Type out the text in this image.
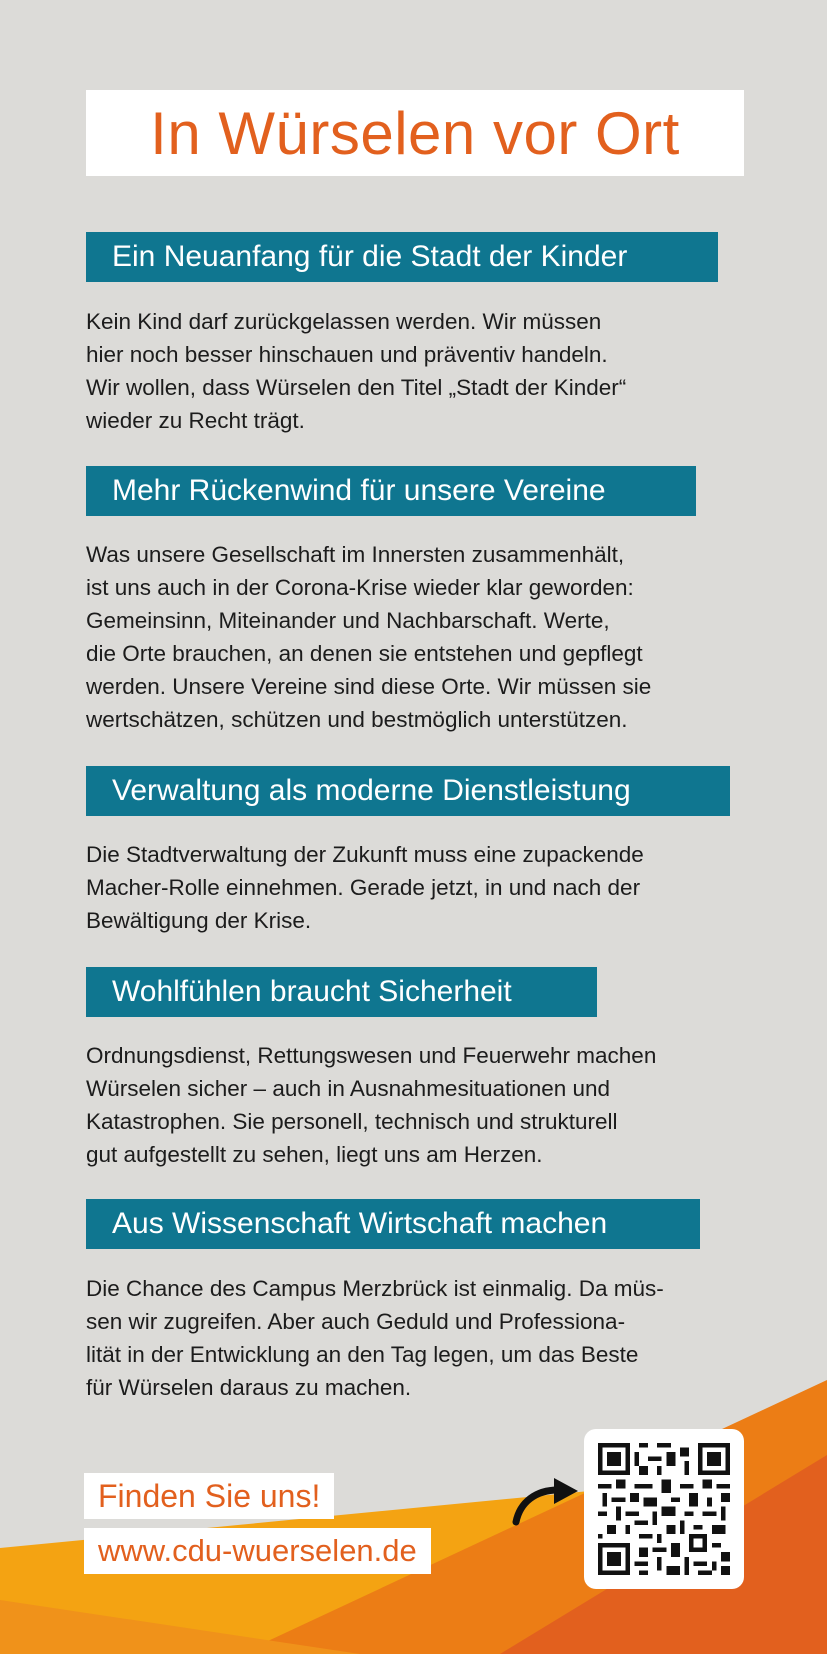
In Würselen vor Ort
Ein Neuanfang für die Stadt der Kinder

Kein Kind darf zurückgelassen werden. Wir müssen

hier noch besser hinschauen und präventiv handeln.

Wir wollen, dass Würselen den Titel „Stadt der Kinder“

wieder zu Recht trägt.

Mehr Rückenwind für unsere Vereine

Was unsere Gesellschaft im Innersten zusammenhält,

ist uns auch in der Corona-Krise wieder klar geworden:

Gemeinsinn, Miteinander und Nachbarschaft. Werte,

die Orte brauchen, an denen sie entstehen und gepflegt

werden. Unsere Vereine sind diese Orte. Wir müssen sie

wertschätzen, schützen und bestmöglich unterstützen.

Verwaltung als moderne Dienstleistung

Die Stadtverwaltung der Zukunft muss eine zupackende

Macher-Rolle einnehmen. Gerade jetzt, in und nach der

Bewältigung der Krise.

Wohlfühlen braucht Sicherheit

Ordnungsdienst, Rettungswesen und Feuerwehr machen

Würselen sicher – auch in Ausnahmesituationen und

Katastrophen. Sie personell, technisch und strukturell

gut aufgestellt zu sehen, liegt uns am Herzen.

Aus Wissenschaft Wirtschaft machen

Die Chance des Campus Merzbrück ist einmalig. Da müs-

sen wir zugreifen. Aber auch Geduld und Professiona-

lität in der Entwicklung an den Tag legen, um das Beste

für Würselen daraus zu machen.

Finden Sie uns!
www.cdu-wuerselen.de
